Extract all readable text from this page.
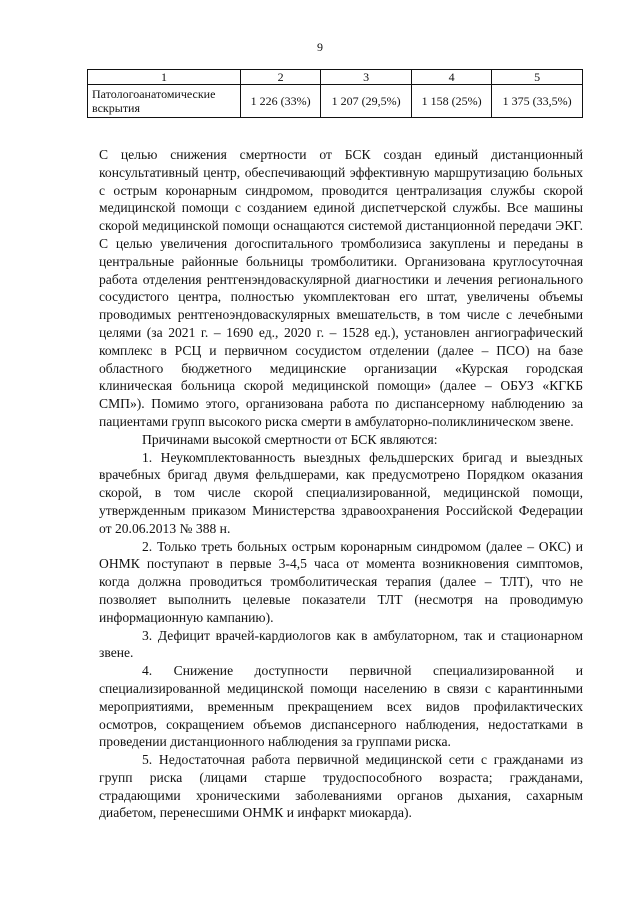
9
1	2	3	4	5
Патологоанатомические вскрытия	1 226 (33%)	1 207 (29,5%)	1 158 (25%)	1 375 (33,5%)

С целью снижения смертности от БСК создан единый дистанционный консультативный центр, обеспечивающий эффективную маршрутизацию больных с острым коронарным синдромом, проводится централизация службы скорой медицинской помощи с созданием единой диспетчерской службы. Все машины скорой медицинской помощи оснащаются системой дистанционной передачи ЭКГ. С целью увеличения догоспитального тромболизиса закуплены и переданы в центральные районные больницы тромболитики. Организована круглосуточная работа отделения рентгенэндоваскулярной диагностики и лечения регионального сосудистого центра, полностью укомплектован его штат, увеличены объемы проводимых рентгеноэндоваскулярных вмешательств, в том числе с лечебными целями (за 2021 г. – 1690 ед., 2020 г. – 1528 ед.), установлен ангиографический комплекс в РСЦ и первичном сосудистом отделении (далее – ПСО) на базе областного бюджетного медицинские организации «Курская городская клиническая больница скорой медицинской помощи» (далее – ОБУЗ «КГКБ СМП»). Помимо этого, организована работа по диспансерному наблюдению за пациентами групп высокого риска смерти в амбулаторно-поликлиническом звене.

Причинами высокой смертности от БСК являются:

1. Неукомплектованность выездных фельдшерских бригад и выездных врачебных бригад двумя фельдшерами, как предусмотрено Порядком оказания скорой, в том числе скорой специализированной, медицинской помощи, утвержденным приказом Министерства здравоохранения Российской Федерации от 20.06.2013 № 388 н.

2. Только треть больных острым коронарным синдромом (далее – ОКС) и ОНМК поступают в первые 3-4,5 часа от момента возникновения симптомов, когда должна проводиться тромболитическая терапия (далее – ТЛТ), что не позволяет выполнить целевые показатели ТЛТ (несмотря на проводимую информационную кампанию).

3. Дефицит врачей-кардиологов как в амбулаторном, так и стационарном звене.

4. Снижение доступности первичной специализированной и специализированной медицинской помощи населению в связи с карантинными мероприятиями, временным прекращением всех видов профилактических осмотров, сокращением объемов диспансерного наблюдения, недостатками в проведении дистанционного наблюдения за группами риска.

5. Недостаточная работа первичной медицинской сети с гражданами из групп риска (лицами старше трудоспособного возраста; гражданами, страдающими хроническими заболеваниями органов дыхания, сахарным диабетом, перенесшими ОНМК и инфаркт миокарда).
